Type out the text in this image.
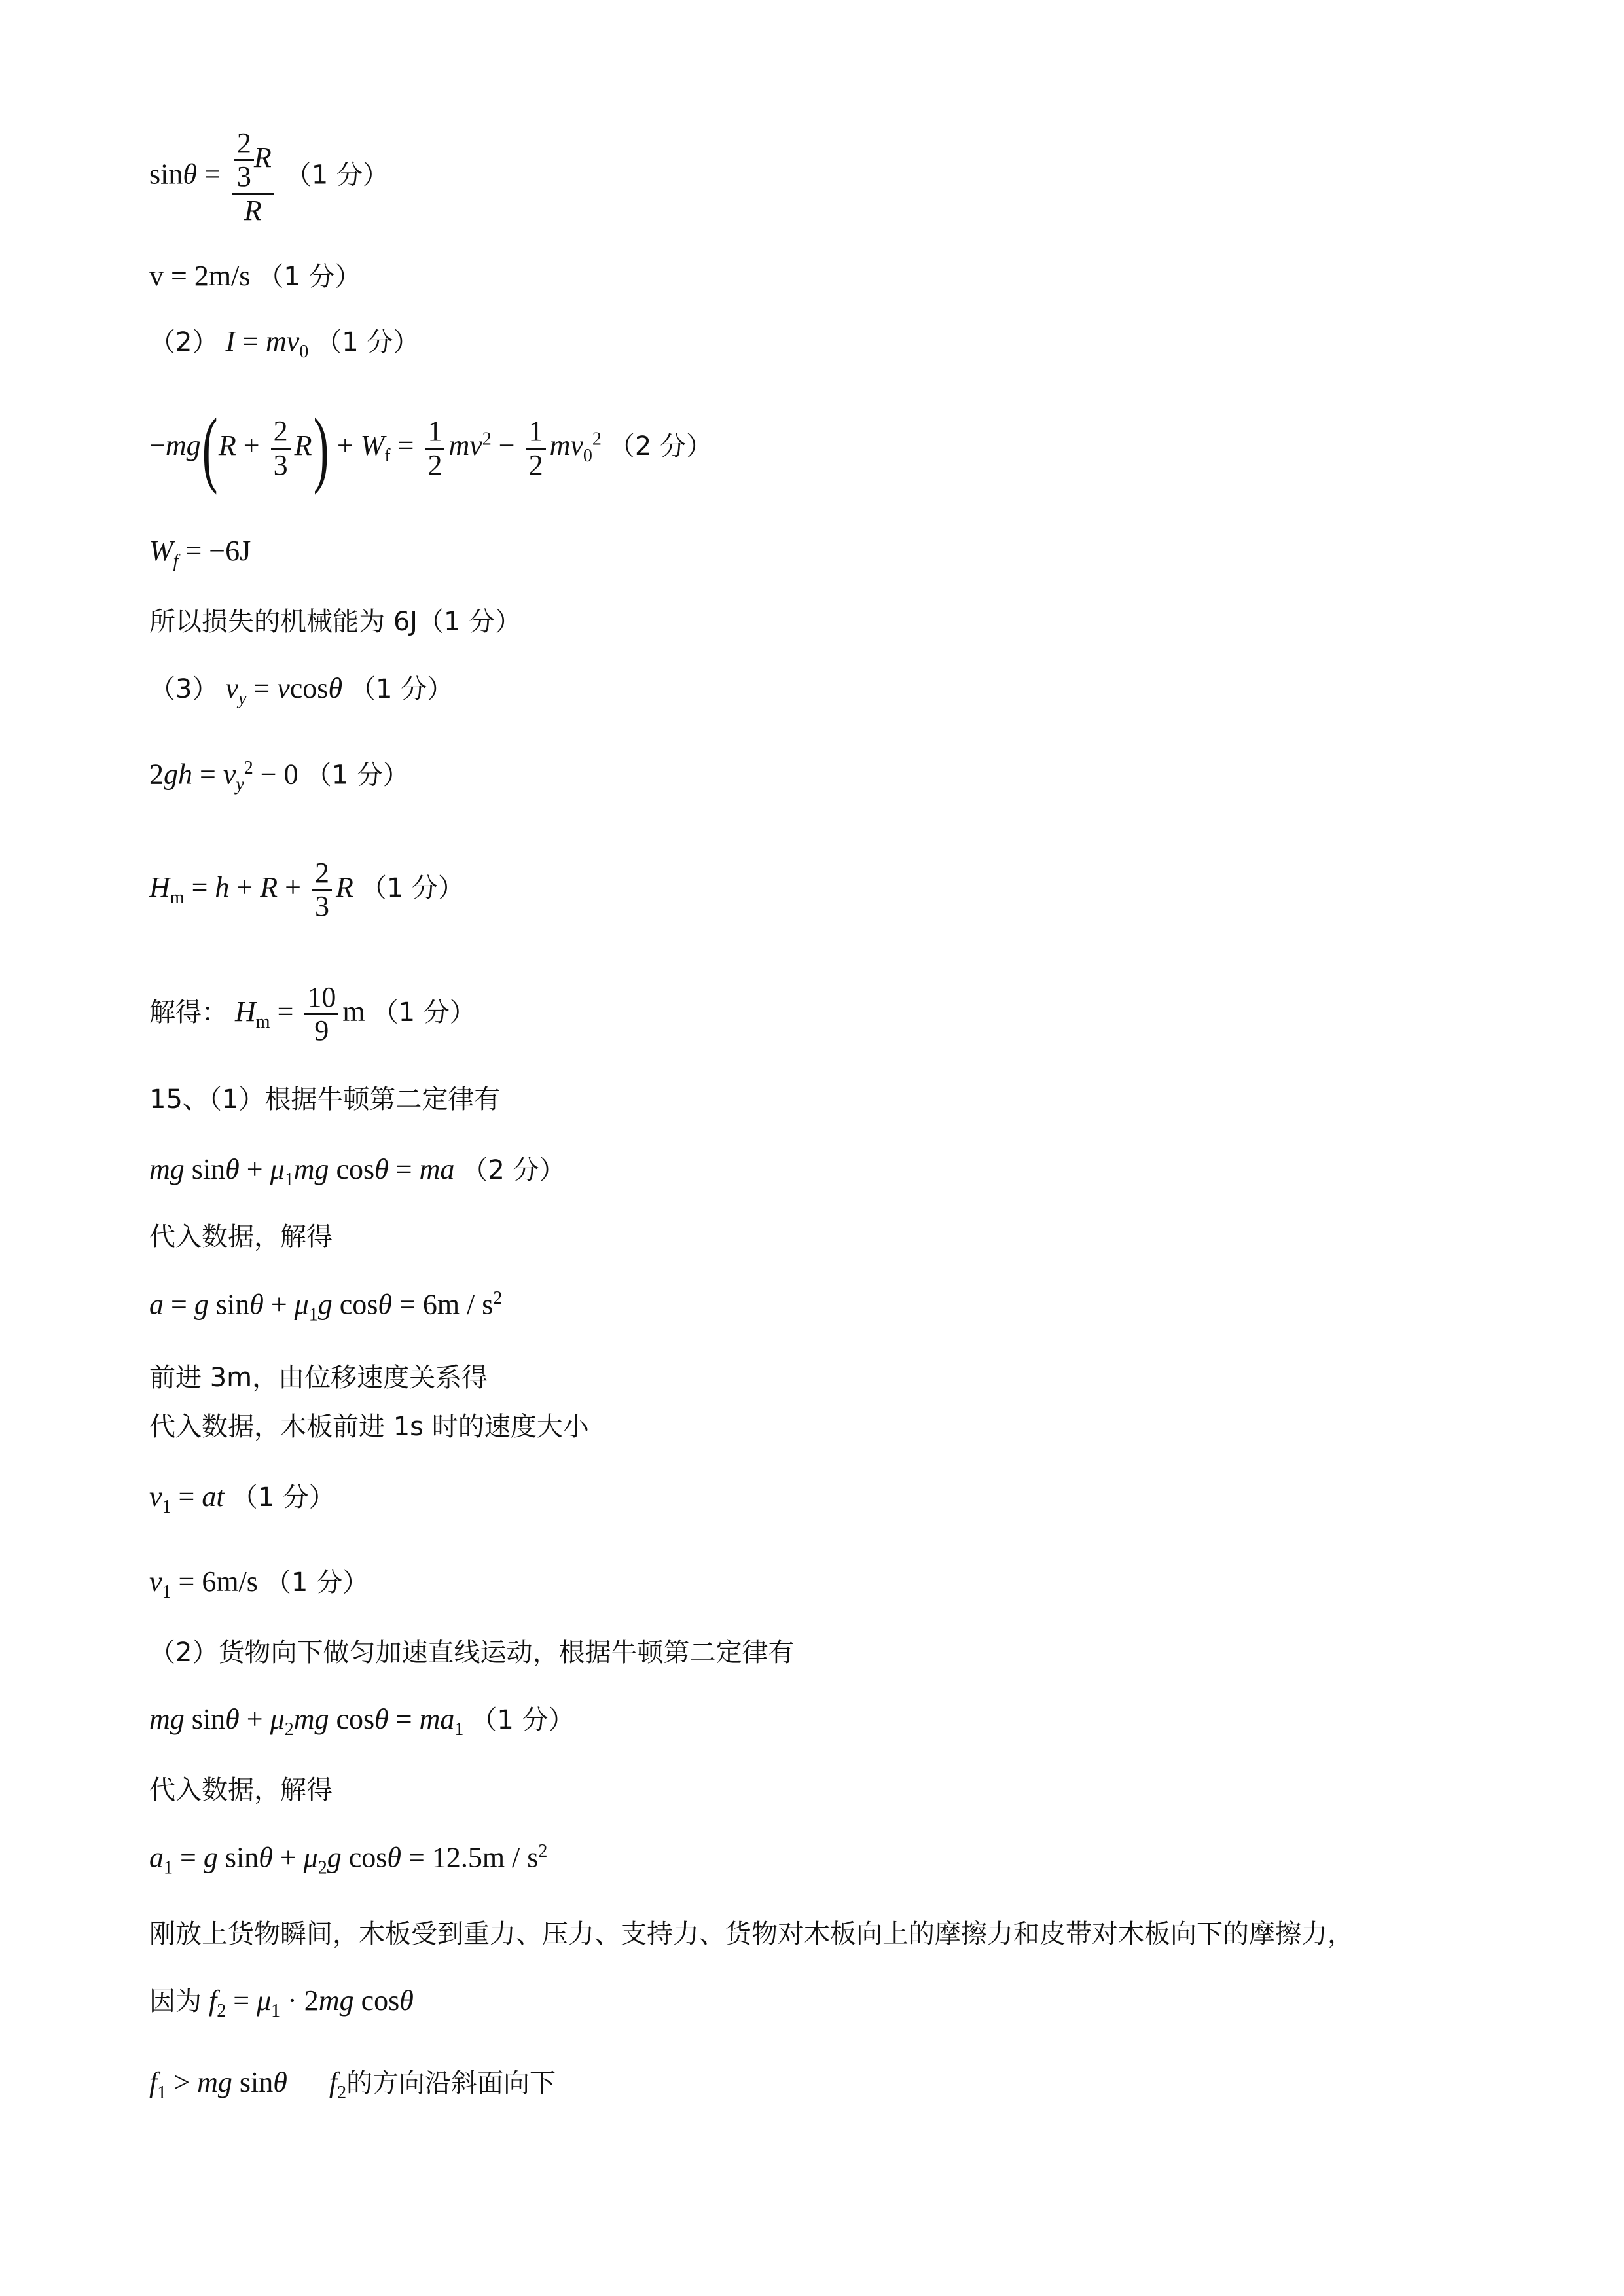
$\sin\theta = \frac{\frac{2}{3} R}{R} (1$ 分）
v = 2m/s （1 分）
（2） $I = mv_0$ （1 分）
$-mg(R + \frac{2}{3} R) + W_f = \frac{1}{2} mv^2 - \frac{1}{2} mv_0^2$ （2 分）
$W_f = -6J$
所以损失的机械能为 6J（1 分）
（3） $v_y = vcos\theta$ （1 分）
$2gh = v_y^2 - 0$ （1 分）
$H_m = h + R + \frac{2}{3}$ R （1 分）
解得： $H_m = \frac{10}{9}$ m （1 分）
15、（1）根据牛顿第二定律有
mg $\sin\theta + \mu_1mg$ cosθ = ma （2 分）
代入数据，解得
a = g $\sin\theta + \mu_1g$ $\cos\theta = 6m / s^2$
前进 3m，由位移速度关系得
代入数据，木板前进 1s 时的速度大小
$v_1$ = at （1 分）
$v_1 = 6m/s$ （1 分）
（2）货物向下做匀加速直线运动，根据牛顿第二定律有
mg $\sin\theta + \mu_2mg$ $\cos\theta = ma_1$ （1 分）
代入数据，解得
$a_1 = g$ $\sin\theta + \mu_2g$ $\cos\theta = 12.5m / s^2$
刚放上货物瞬间，木板受到重力、压力、支持力、货物对木板向上的摩擦力和皮带对木板向下的摩擦力，
因为 $f_2 = \mu_1 \cdot 2mg$ cosθ
$f_1$ > mg sinθ $f_2$的方向沿斜面向下
